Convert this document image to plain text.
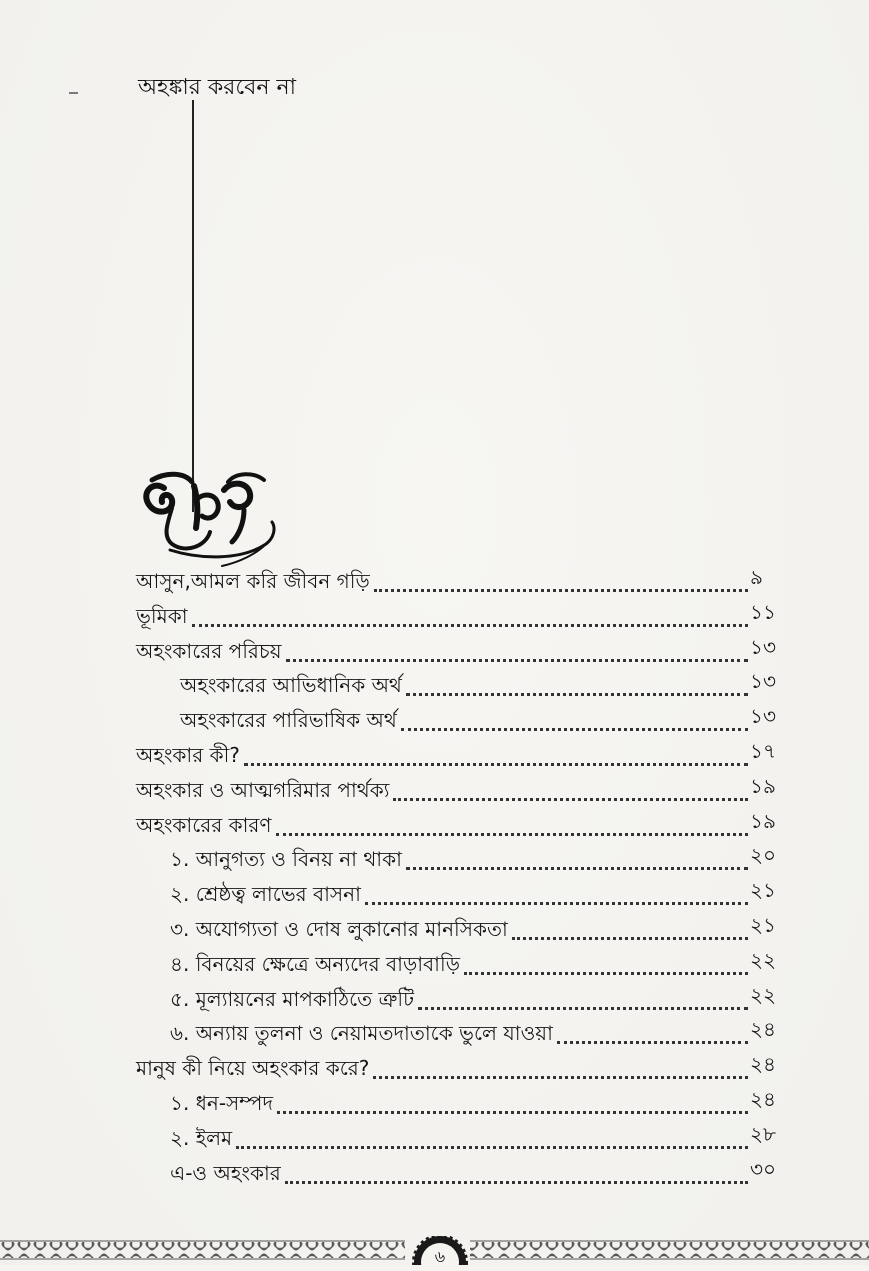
অহঙ্কার করবেন না
আসুন,আমল করি জীবন গড়ি	৯
ভূমিকা	১১
অহংকারের পরিচয়	১৩
অহংকারের আভিধানিক অর্থ	১৩
অহংকারের পারিভাষিক অর্থ	১৩
অহংকার কী?	১৭
অহংকার ও আত্মগরিমার পার্থক্য	১৯
অহংকারের কারণ	১৯
১. আনুগত্য ও বিনয় না থাকা	২০
২. শ্রেষ্ঠত্ব লাভের বাসনা	২১
৩. অযোগ্যতা ও দোষ লুকানোর মানসিকতা	২১
৪. বিনয়ের ক্ষেত্রে অন্যদের বাড়াবাড়ি	২২
৫. মূল্যায়নের মাপকাঠিতে ত্রুটি	২২
৬. অন্যায় তুলনা ও নেয়ামতদাতাকে ভুলে যাওয়া	২৪
মানুষ কী নিয়ে অহংকার করে?	২৪
১. ধন-সম্পদ	২৪
২. ইলম	২৮
এ-ও অহংকার	৩০
৬
